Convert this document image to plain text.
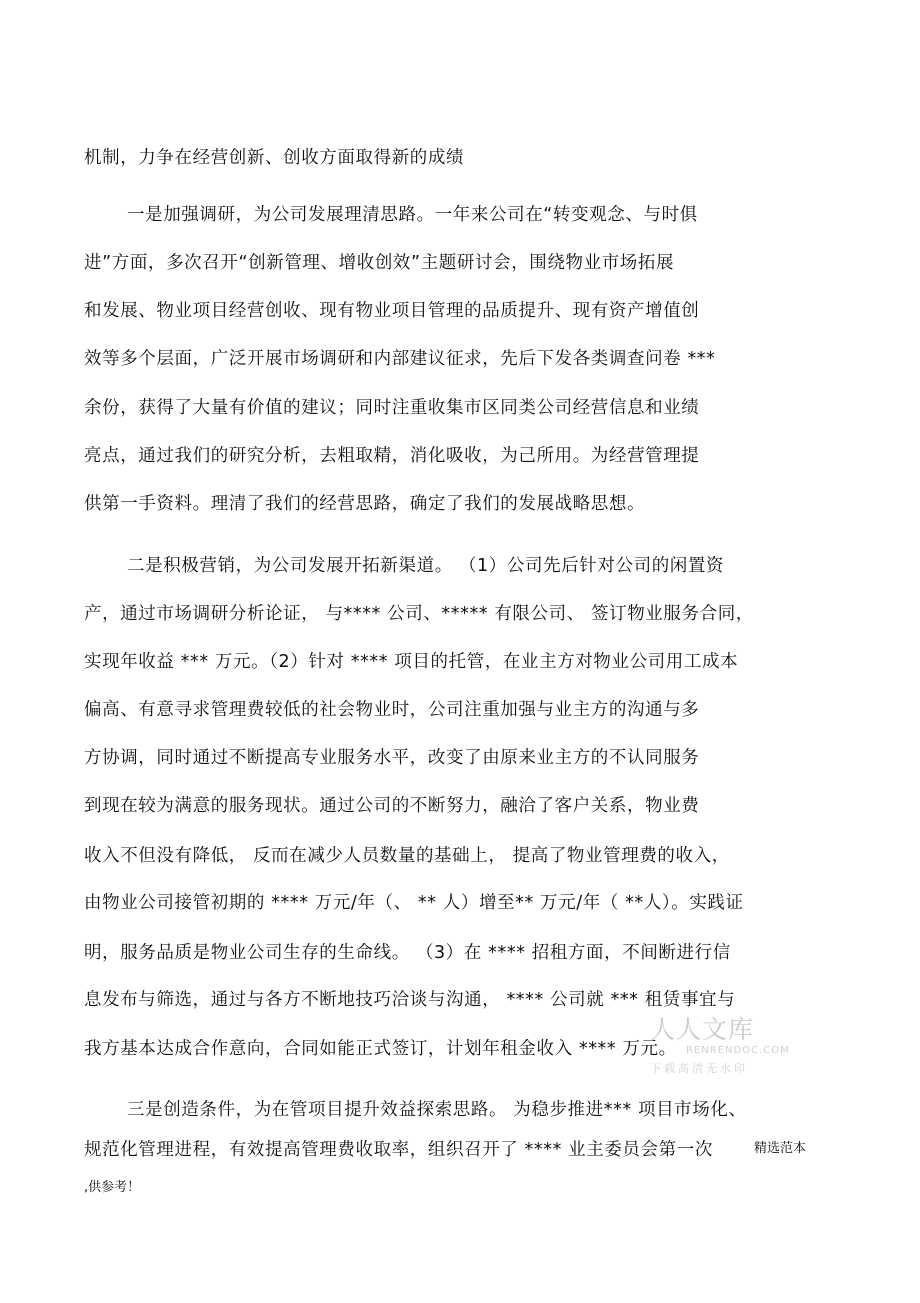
机制，力争在经营创新、创收方面取得新的成绩
一是加强调研，为公司发展理清思路。一年来公司在“转变观念、与时俱
进”方面，多次召开“创新管理、增收创效”主题研讨会，围绕物业市场拓展
和发展、物业项目经营创收、现有物业项目管理的品质提升、现有资产增值创
效等多个层面，广泛开展市场调研和内部建议征求，先后下发各类调查问卷 ***
余份，获得了大量有价值的建议；同时注重收集市区同类公司经营信息和业绩
亮点，通过我们的研究分析，去粗取精，消化吸收，为己所用。为经营管理提
供第一手资料。理清了我们的经营思路，确定了我们的发展战略思想。
二是积极营销，为公司发展开拓新渠道。 （1）公司先后针对公司的闲置资
产，通过市场调研分析论证， 与**** 公司、***** 有限公司、 签订物业服务合同，
实现年收益 *** 万元。（2）针对 **** 项目的托管，在业主方对物业公司用工成本
偏高、有意寻求管理费较低的社会物业时，公司注重加强与业主方的沟通与多
方协调，同时通过不断提高专业服务水平，改变了由原来业主方的不认同服务
到现在较为满意的服务现状。通过公司的不断努力，融洽了客户关系，物业费
收入不但没有降低， 反而在减少人员数量的基础上， 提高了物业管理费的收入，
由物业公司接管初期的 **** 万元/年（、 ** 人）增至** 万元/年（ **人）。实践证
明，服务品质是物业公司生存的生命线。 （3）在 **** 招租方面，不间断进行信
息发布与筛选，通过与各方不断地技巧洽谈与沟通， **** 公司就 *** 租赁事宜与
我方基本达成合作意向，合同如能正式签订，计划年租金收入 **** 万元。
三是创造条件，为在管项目提升效益探索思路。 为稳步推进*** 项目市场化、
规范化管理进程，有效提高管理费收取率，组织召开了 **** 业主委员会第一次	精选范本
,供参考！
人人文库
RENRENDOC.COM
下载高清无水印
